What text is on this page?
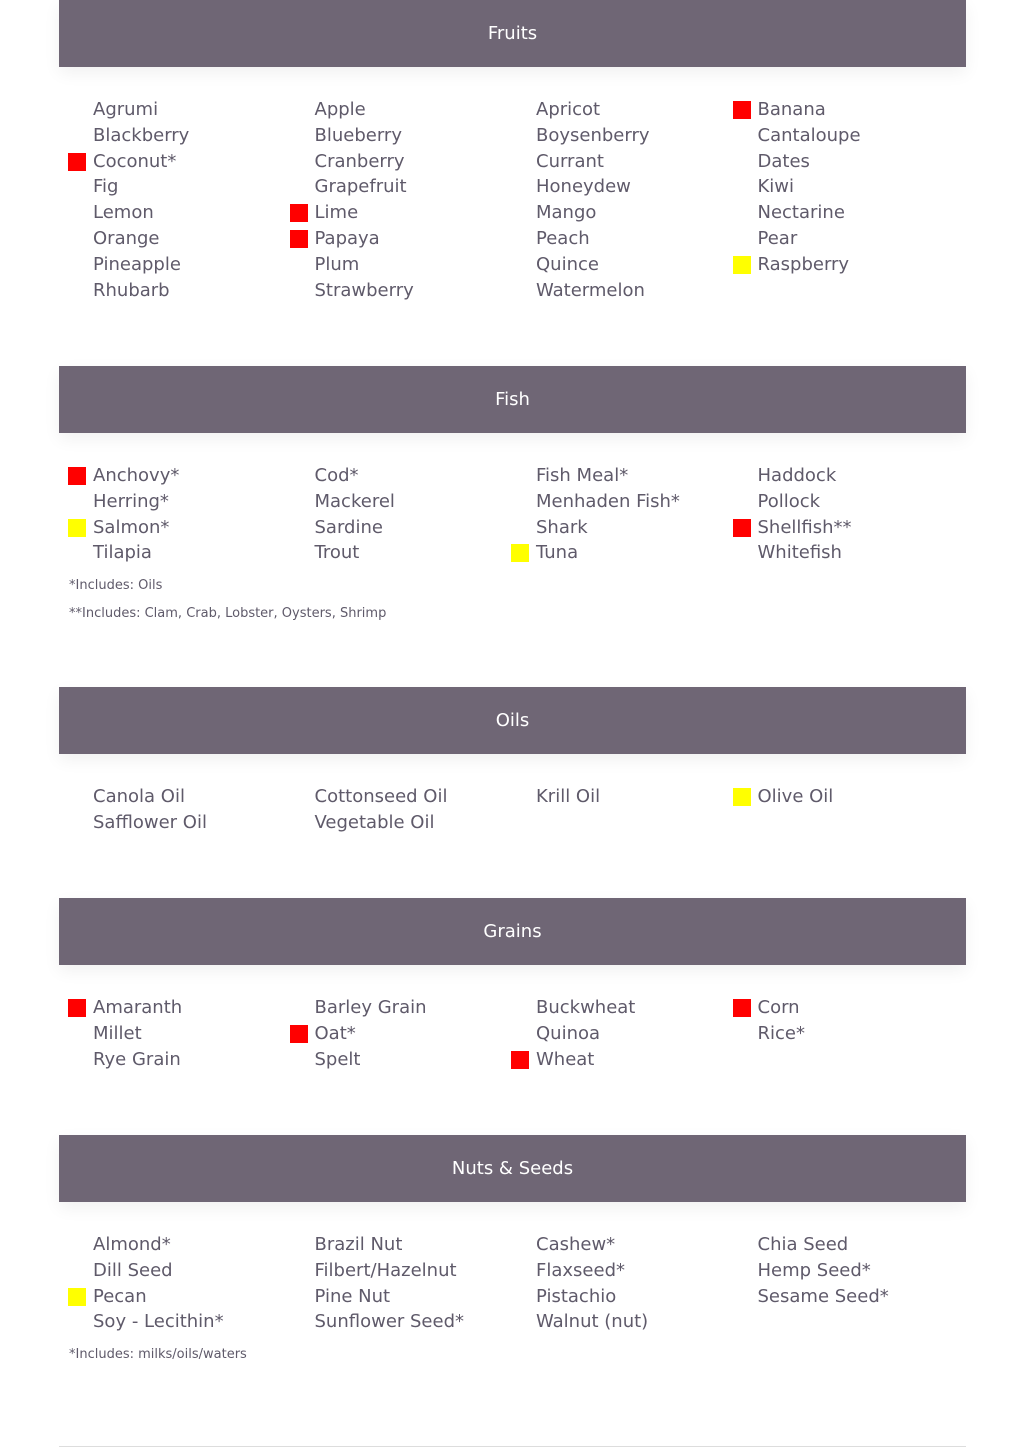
Fruits
Agrumi	Apple	Apricot	Banana
Blackberry	Blueberry	Boysenberry	Cantaloupe
Coconut*	Cranberry	Currant	Dates
Fig	Grapefruit	Honeydew	Kiwi
Lemon	Lime	Mango	Nectarine
Orange	Papaya	Peach	Pear
Pineapple	Plum	Quince	Raspberry
Rhubarb	Strawberry	Watermelon
Fish
Anchovy*	Cod*	Fish Meal*	Haddock
Herring*	Mackerel	Menhaden Fish*	Pollock
Salmon*	Sardine	Shark	Shellfish**
Tilapia	Trout	Tuna	Whitefish
*Includes: Oils
**Includes: Clam, Crab, Lobster, Oysters, Shrimp
Oils
Canola Oil	Cottonseed Oil	Krill Oil	Olive Oil
Safflower Oil	Vegetable Oil
Grains
Amaranth	Barley Grain	Buckwheat	Corn
Millet	Oat*	Quinoa	Rice*
Rye Grain	Spelt	Wheat
Nuts & Seeds
Almond*	Brazil Nut	Cashew*	Chia Seed
Dill Seed	Filbert/Hazelnut	Flaxseed*	Hemp Seed*
Pecan	Pine Nut	Pistachio	Sesame Seed*
Soy - Lecithin*	Sunflower Seed*	Walnut (nut)
*Includes: milks/oils/waters
